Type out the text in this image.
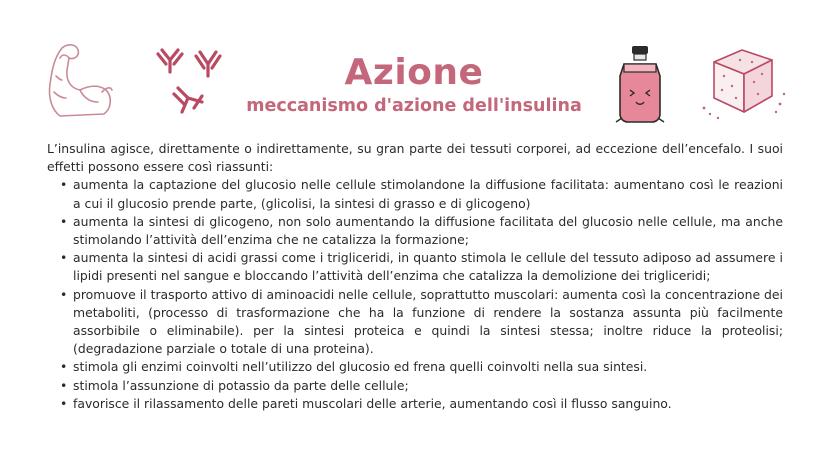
Azione
meccanismo d'azione dell'insulina

L’insulina agisce, direttamente o indirettamente, su gran parte dei tessuti corporei, ad eccezione dell’encefalo. I suoi effetti possono essere così riassunti:

• aumenta la captazione del glucosio nelle cellule stimolandone la diffusione facilitata: aumentano così le reazioni a cui il glucosio prende parte, (glicolisi, la sintesi di grasso e di glicogeno)
• aumenta la sintesi di glicogeno, non solo aumentando la diffusione facilitata del glucosio nelle cellule, ma anche stimolando l’attività dell’enzima che ne catalizza la formazione;
• aumenta la sintesi di acidi grassi come i trigliceridi, in quanto stimola le cellule del tessuto adiposo ad assumere i lipidi presenti nel sangue e bloccando l’attività dell’enzima che catalizza la demolizione dei trigliceridi;
• promuove il trasporto attivo di aminoacidi nelle cellule, soprattutto muscolari: aumenta così la concentrazione dei metaboliti, (processo di trasformazione che ha la funzione di rendere la sostanza assunta più facilmente assorbibile o eliminabile). per la sintesi proteica e quindi la sintesi stessa; inoltre riduce la proteolisi; (degradazione parziale o totale di una proteina).
• stimola gli enzimi coinvolti nell’utilizzo del glucosio ed frena quelli coinvolti nella sua sintesi.
• stimola l’assunzione di potassio da parte delle cellule;
• favorisce il rilassamento delle pareti muscolari delle arterie, aumentando così il flusso sanguino.
